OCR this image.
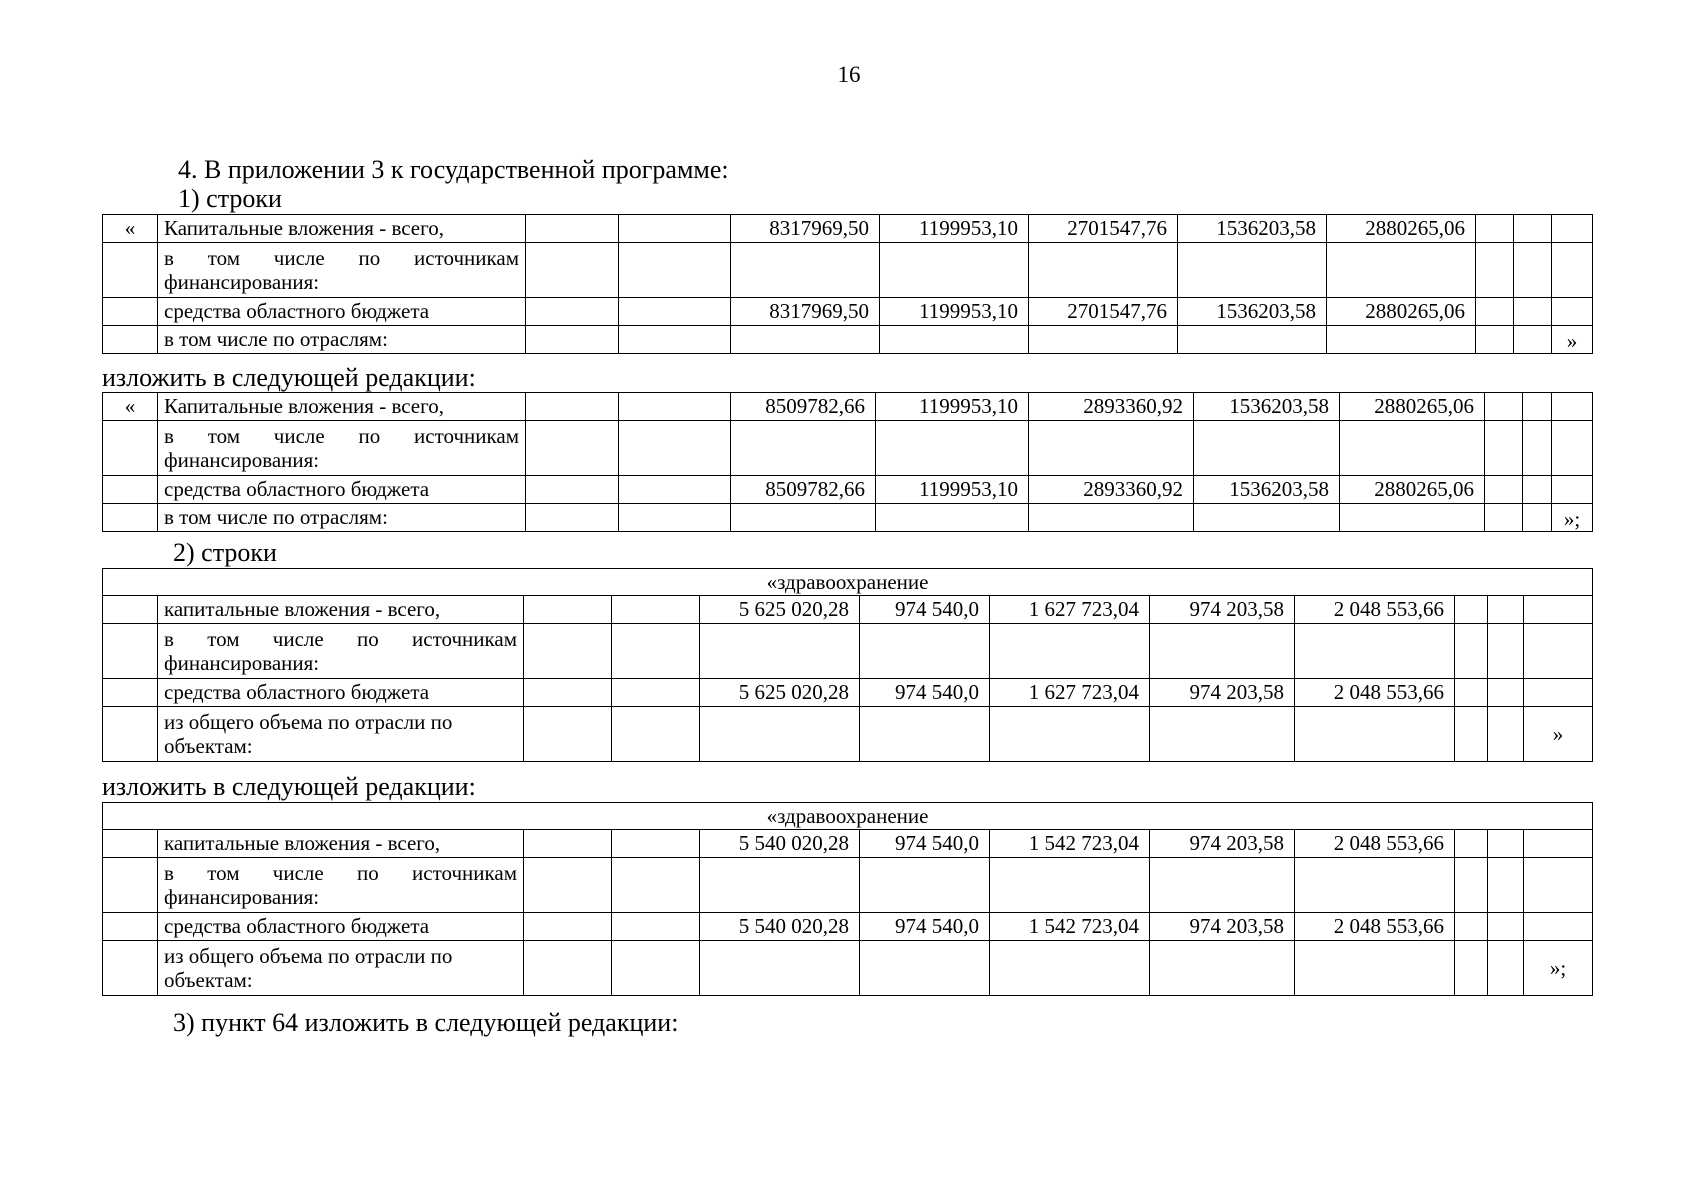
16
4. В приложении 3 к государственной программе:
1) строки
«	Капитальные вложения - всего,			8317969,50	1199953,10	2701547,76	1536203,58	2880265,06			
	в том числе по источникам финансирования:										
	средства областного бюджета			8317969,50	1199953,10	2701547,76	1536203,58	2880265,06			
	в том числе по отраслям:										»
изложить в следующей редакции:
«	Капитальные вложения - всего,			8509782,66	1199953,10	2893360,92	1536203,58	2880265,06			
	в том числе по источникам финансирования:										
	средства областного бюджета			8509782,66	1199953,10	2893360,92	1536203,58	2880265,06			
	в том числе по отраслям:										»;
2) строки
«здравоохранение											
	капитальные вложения - всего,			5 625 020,28	974 540,0	1 627 723,04	974 203,58	2 048 553,66			
	в том числе по источникам финансирования:										
	средства областного бюджета			5 625 020,28	974 540,0	1 627 723,04	974 203,58	2 048 553,66			
	из общего объема по отрасли по объектам:										»
изложить в следующей редакции:
«здравоохранение											
	капитальные вложения - всего,			5 540 020,28	974 540,0	1 542 723,04	974 203,58	2 048 553,66			
	в том числе по источникам финансирования:										
	средства областного бюджета			5 540 020,28	974 540,0	1 542 723,04	974 203,58	2 048 553,66			
	из общего объема по отрасли по объектам:										»;
3) пункт 64 изложить в следующей редакции:
